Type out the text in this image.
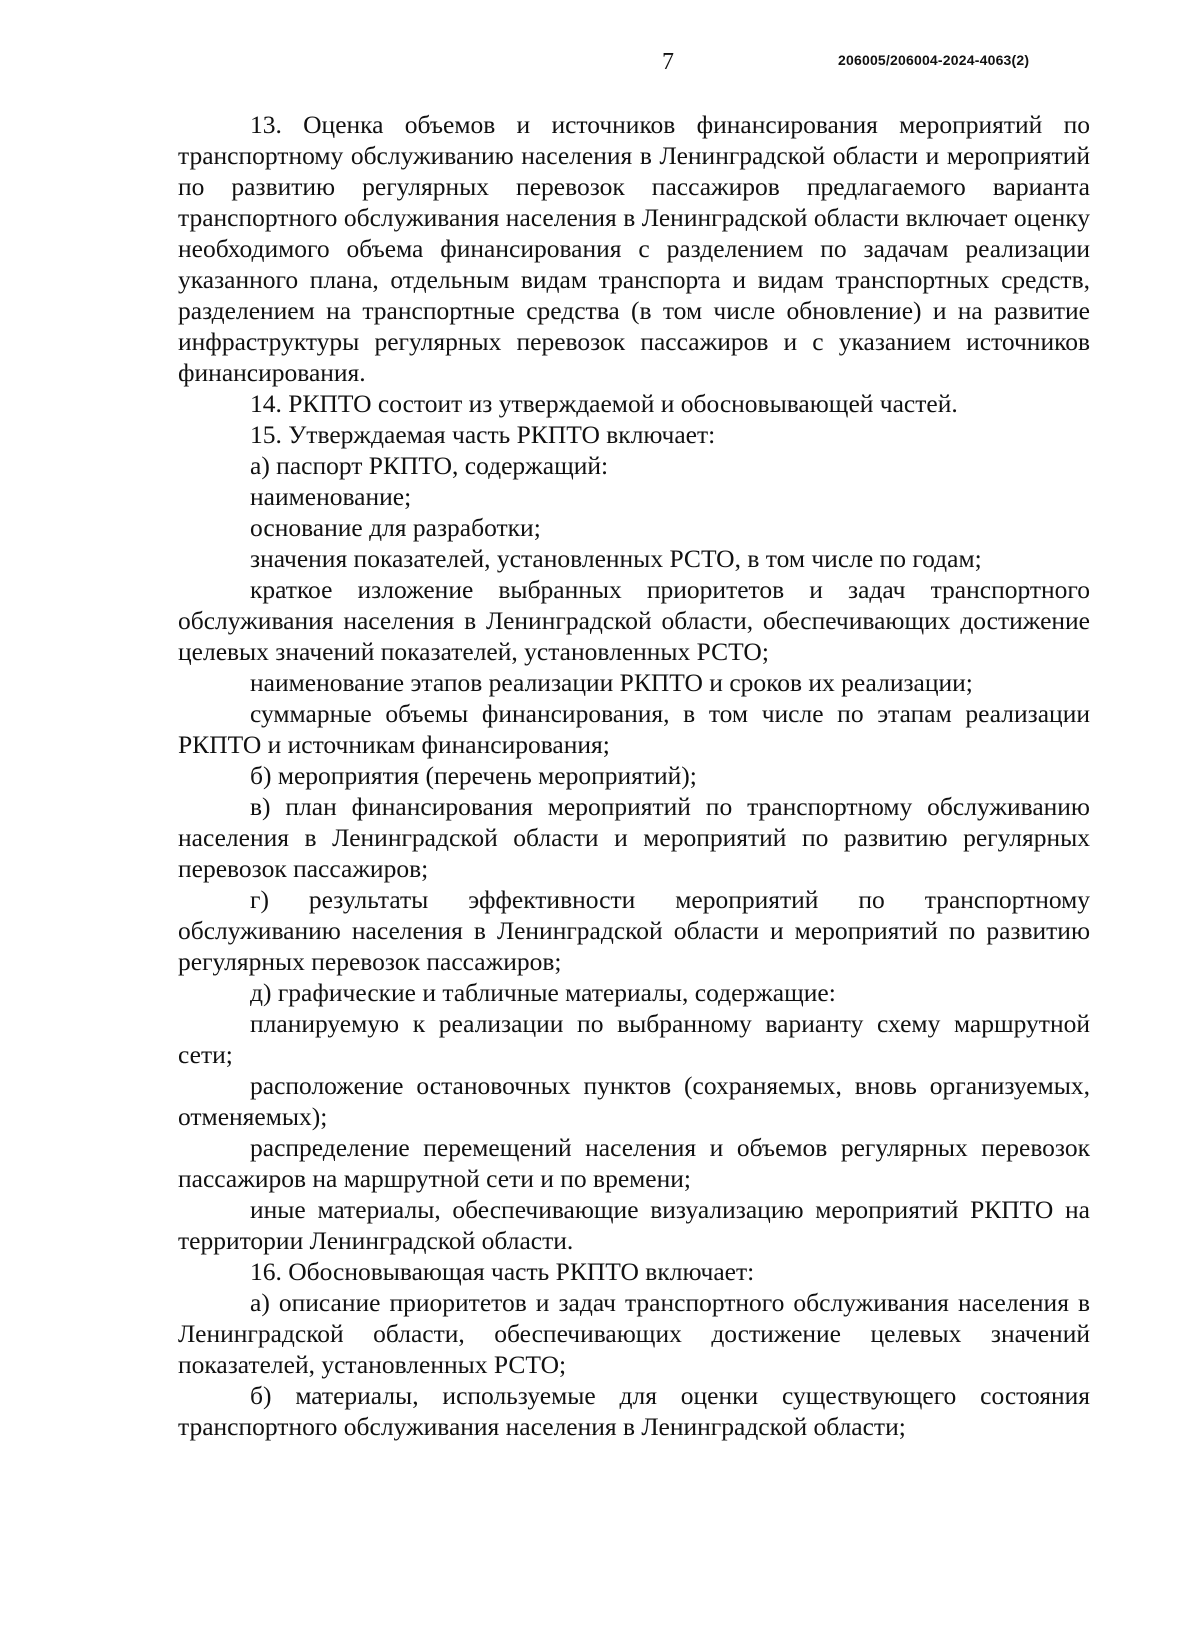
7	206005/206004-2024-4063(2)

13. Оценка объемов и источников финансирования мероприятий по транспортному обслуживанию населения в Ленинградской области и мероприятий по развитию регулярных перевозок пассажиров предлагаемого варианта транспортного обслуживания населения в Ленинградской области включает оценку необходимого объема финансирования с разделением по задачам реализации указанного плана, отдельным видам транспорта и видам транспортных средств, разделением на транспортные средства (в том числе обновление) и на развитие инфраструктуры регулярных перевозок пассажиров и с указанием источников финансирования.

14. РКПТО состоит из утверждаемой и обосновывающей частей.

15. Утверждаемая часть РКПТО включает:

а) паспорт РКПТО, содержащий:

наименование;

основание для разработки;

значения показателей, установленных РСТО, в том числе по годам;

краткое изложение выбранных приоритетов и задач транспортного обслуживания населения в Ленинградской области, обеспечивающих достижение целевых значений показателей, установленных РСТО;

наименование этапов реализации РКПТО и сроков их реализации;

суммарные объемы финансирования, в том числе по этапам реализации РКПТО и источникам финансирования;

б) мероприятия (перечень мероприятий);

в) план финансирования мероприятий по транспортному обслуживанию населения в Ленинградской области и мероприятий по развитию регулярных перевозок пассажиров;

г) результаты эффективности мероприятий по транспортному обслуживанию населения в Ленинградской области и мероприятий по развитию регулярных перевозок пассажиров;

д) графические и табличные материалы, содержащие:

планируемую к реализации по выбранному варианту схему маршрутной сети;

расположение остановочных пунктов (сохраняемых, вновь организуемых, отменяемых);

распределение перемещений населения и объемов регулярных перевозок пассажиров на маршрутной сети и по времени;

иные материалы, обеспечивающие визуализацию мероприятий РКПТО на территории Ленинградской области.

16. Обосновывающая часть РКПТО включает:

а) описание приоритетов и задач транспортного обслуживания населения в Ленинградской области, обеспечивающих достижение целевых значений показателей, установленных РСТО;

б) материалы, используемые для оценки существующего состояния транспортного обслуживания населения в Ленинградской области;
